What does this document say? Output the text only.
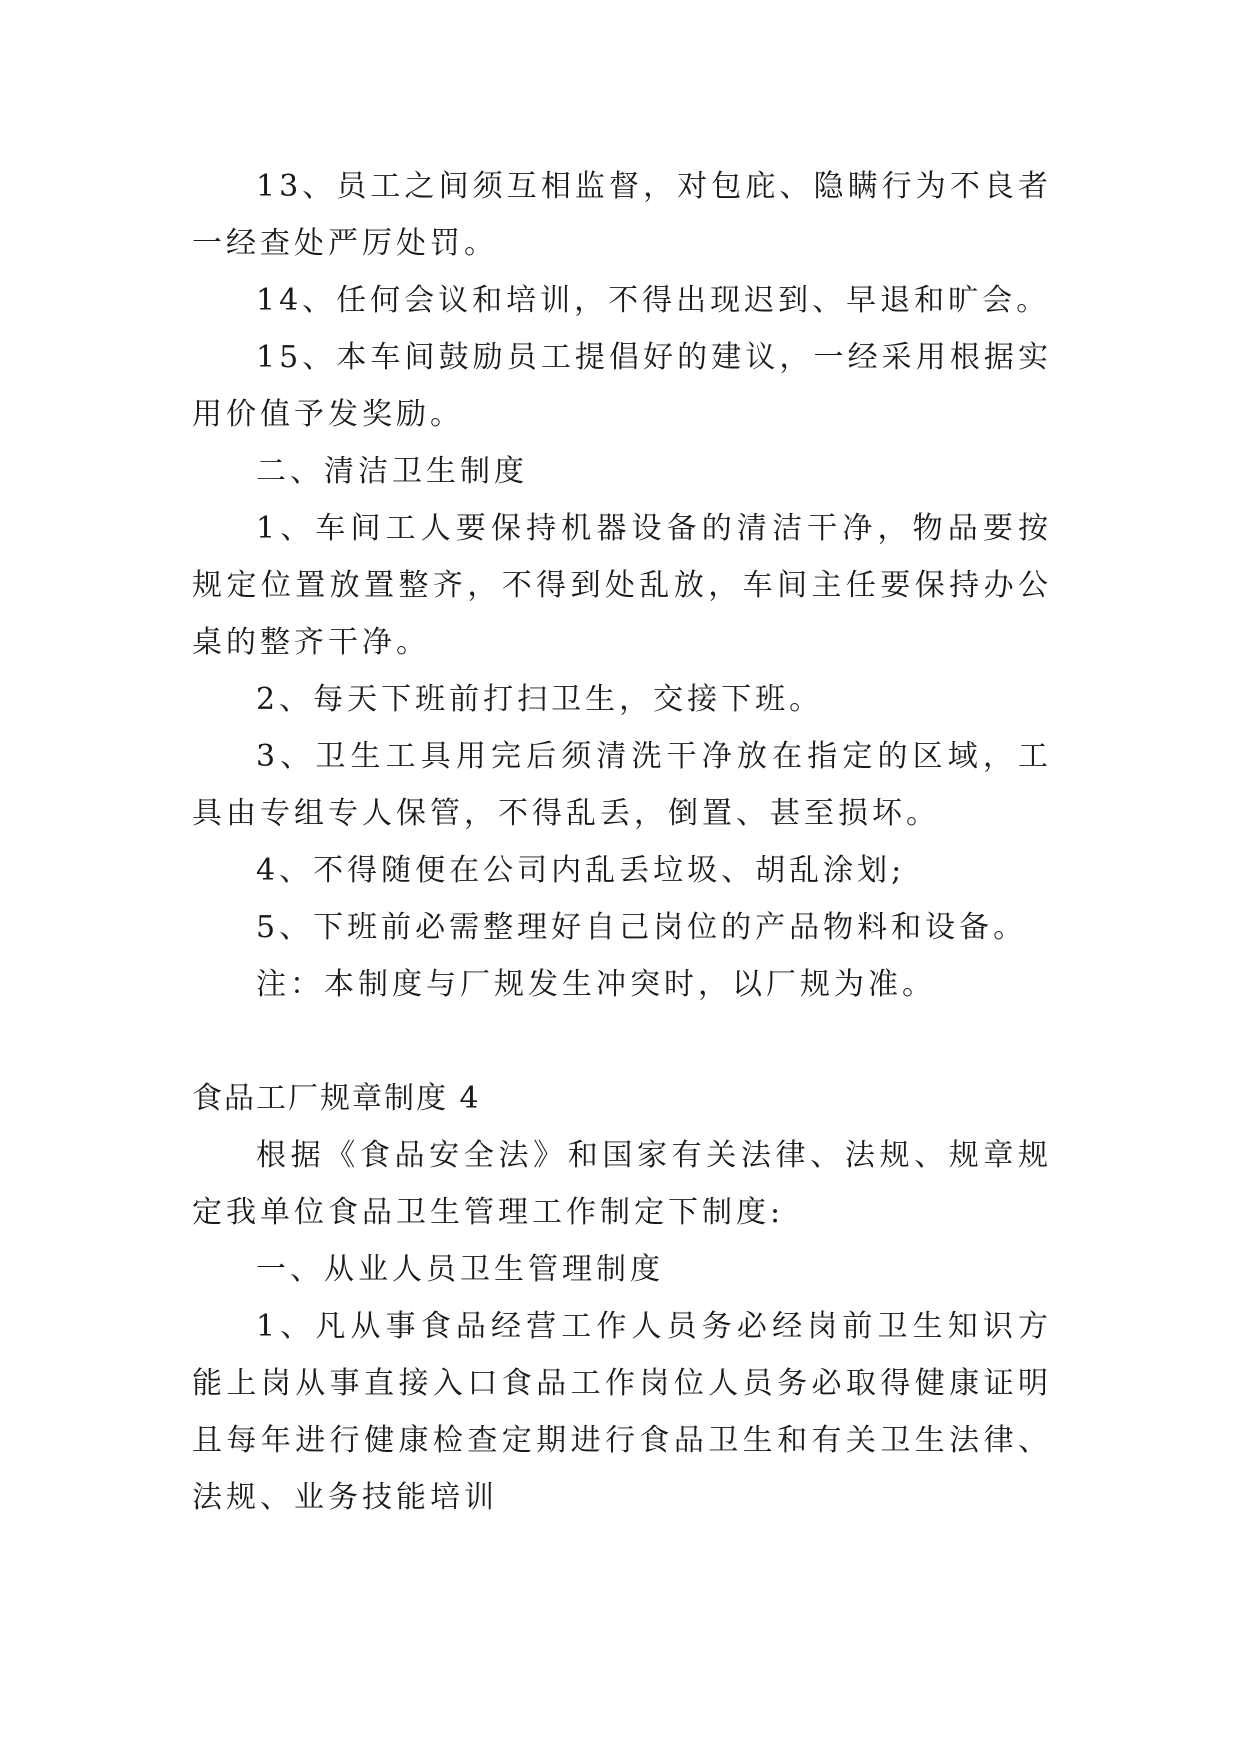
13、员工之间须互相监督，对包庇、隐瞒行为不良者一经查处严厉处罚。

14、任何会议和培训，不得出现迟到、早退和旷会。

15、本车间鼓励员工提倡好的建议，一经采用根据实用价值予发奖励。

二、清洁卫生制度

1、车间工人要保持机器设备的清洁干净，物品要按规定位置放置整齐，不得到处乱放，车间主任要保持办公桌的整齐干净。

2、每天下班前打扫卫生，交接下班。

3、卫生工具用完后须清洗干净放在指定的区域，工具由专组专人保管，不得乱丢，倒置、甚至损坏。

4、不得随便在公司内乱丢垃圾、胡乱涂划;

5、下班前必需整理好自己岗位的产品物料和设备。

注：本制度与厂规发生冲突时，以厂规为准。

食品工厂规章制度 4

根据《食品安全法》和国家有关法律、法规、规章规定我单位食品卫生管理工作制定下制度:

一、从业人员卫生管理制度

1、凡从事食品经营工作人员务必经岗前卫生知识方能上岗从事直接入口食品工作岗位人员务必取得健康证明且每年进行健康检查定期进行食品卫生和有关卫生法律、法规、业务技能培训
